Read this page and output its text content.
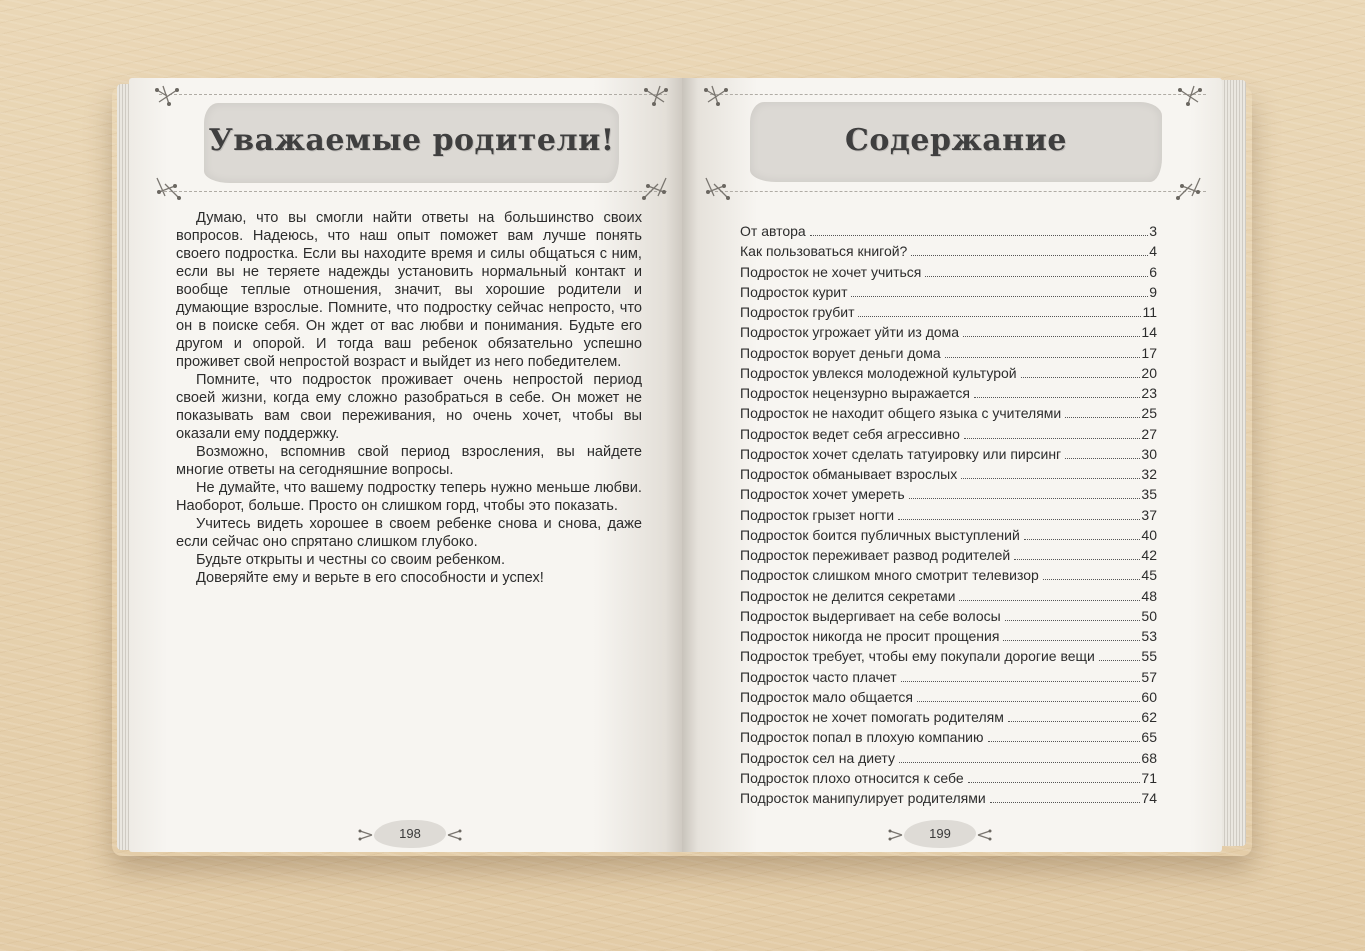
Уважаемые родители!

Думаю, что вы смогли найти ответы на большинство своих вопросов. Надеюсь, что наш опыт поможет вам лучше понять своего подростка. Если вы находите время и силы общаться с ним, если вы не теряете надежды установить нормальный контакт и вообще теплые отношения, значит, вы хорошие родители и думающие взрослые. Помните, что подростку сейчас непросто, что он в поиске себя. Он ждет от вас любви и понимания. Будьте его другом и опорой. И тогда ваш ребенок обязательно успешно проживет свой непростой возраст и выйдет из него победителем.

Помните, что подросток проживает очень непростой период своей жизни, когда ему сложно разобраться в себе. Он может не показывать вам свои переживания, но очень хочет, чтобы вы оказали ему поддержку.

Возможно, вспомнив свой период взросления, вы найдете многие ответы на сегодняшние вопросы.

Не думайте, что вашему подростку теперь нужно меньше любви. Наоборот, больше. Просто он слишком горд, чтобы это показать.

Учитесь видеть хорошее в своем ребенке снова и снова, даже если сейчас оно спрятано слишком глубоко.

Будьте открыты и честны со своим ребенком.

Доверяйте ему и верьте в его способности и успех!

198
Содержание
От автора	3
Как пользоваться книгой?	4
Подросток не хочет учиться	6
Подросток курит	9
Подросток грубит	11
Подросток угрожает уйти из дома	14
Подросток ворует деньги дома	17
Подросток увлекся молодежной культурой	20
Подросток нецензурно выражается	23
Подросток не находит общего языка с учителями	25
Подросток ведет себя агрессивно	27
Подросток хочет сделать татуировку или пирсинг	30
Подросток обманывает взрослых	32
Подросток хочет умереть	35
Подросток грызет ногти	37
Подросток боится публичных выступлений	40
Подросток переживает развод родителей	42
Подросток слишком много смотрит телевизор	45
Подросток не делится секретами	48
Подросток выдергивает на себе волосы	50
Подросток никогда не просит прощения	53
Подросток требует, чтобы ему покупали дорогие вещи	55
Подросток часто плачет	57
Подросток мало общается	60
Подросток не хочет помогать родителям	62
Подросток попал в плохую компанию	65
Подросток сел на диету	68
Подросток плохо относится к себе	71
Подросток манипулирует родителями	74
199
